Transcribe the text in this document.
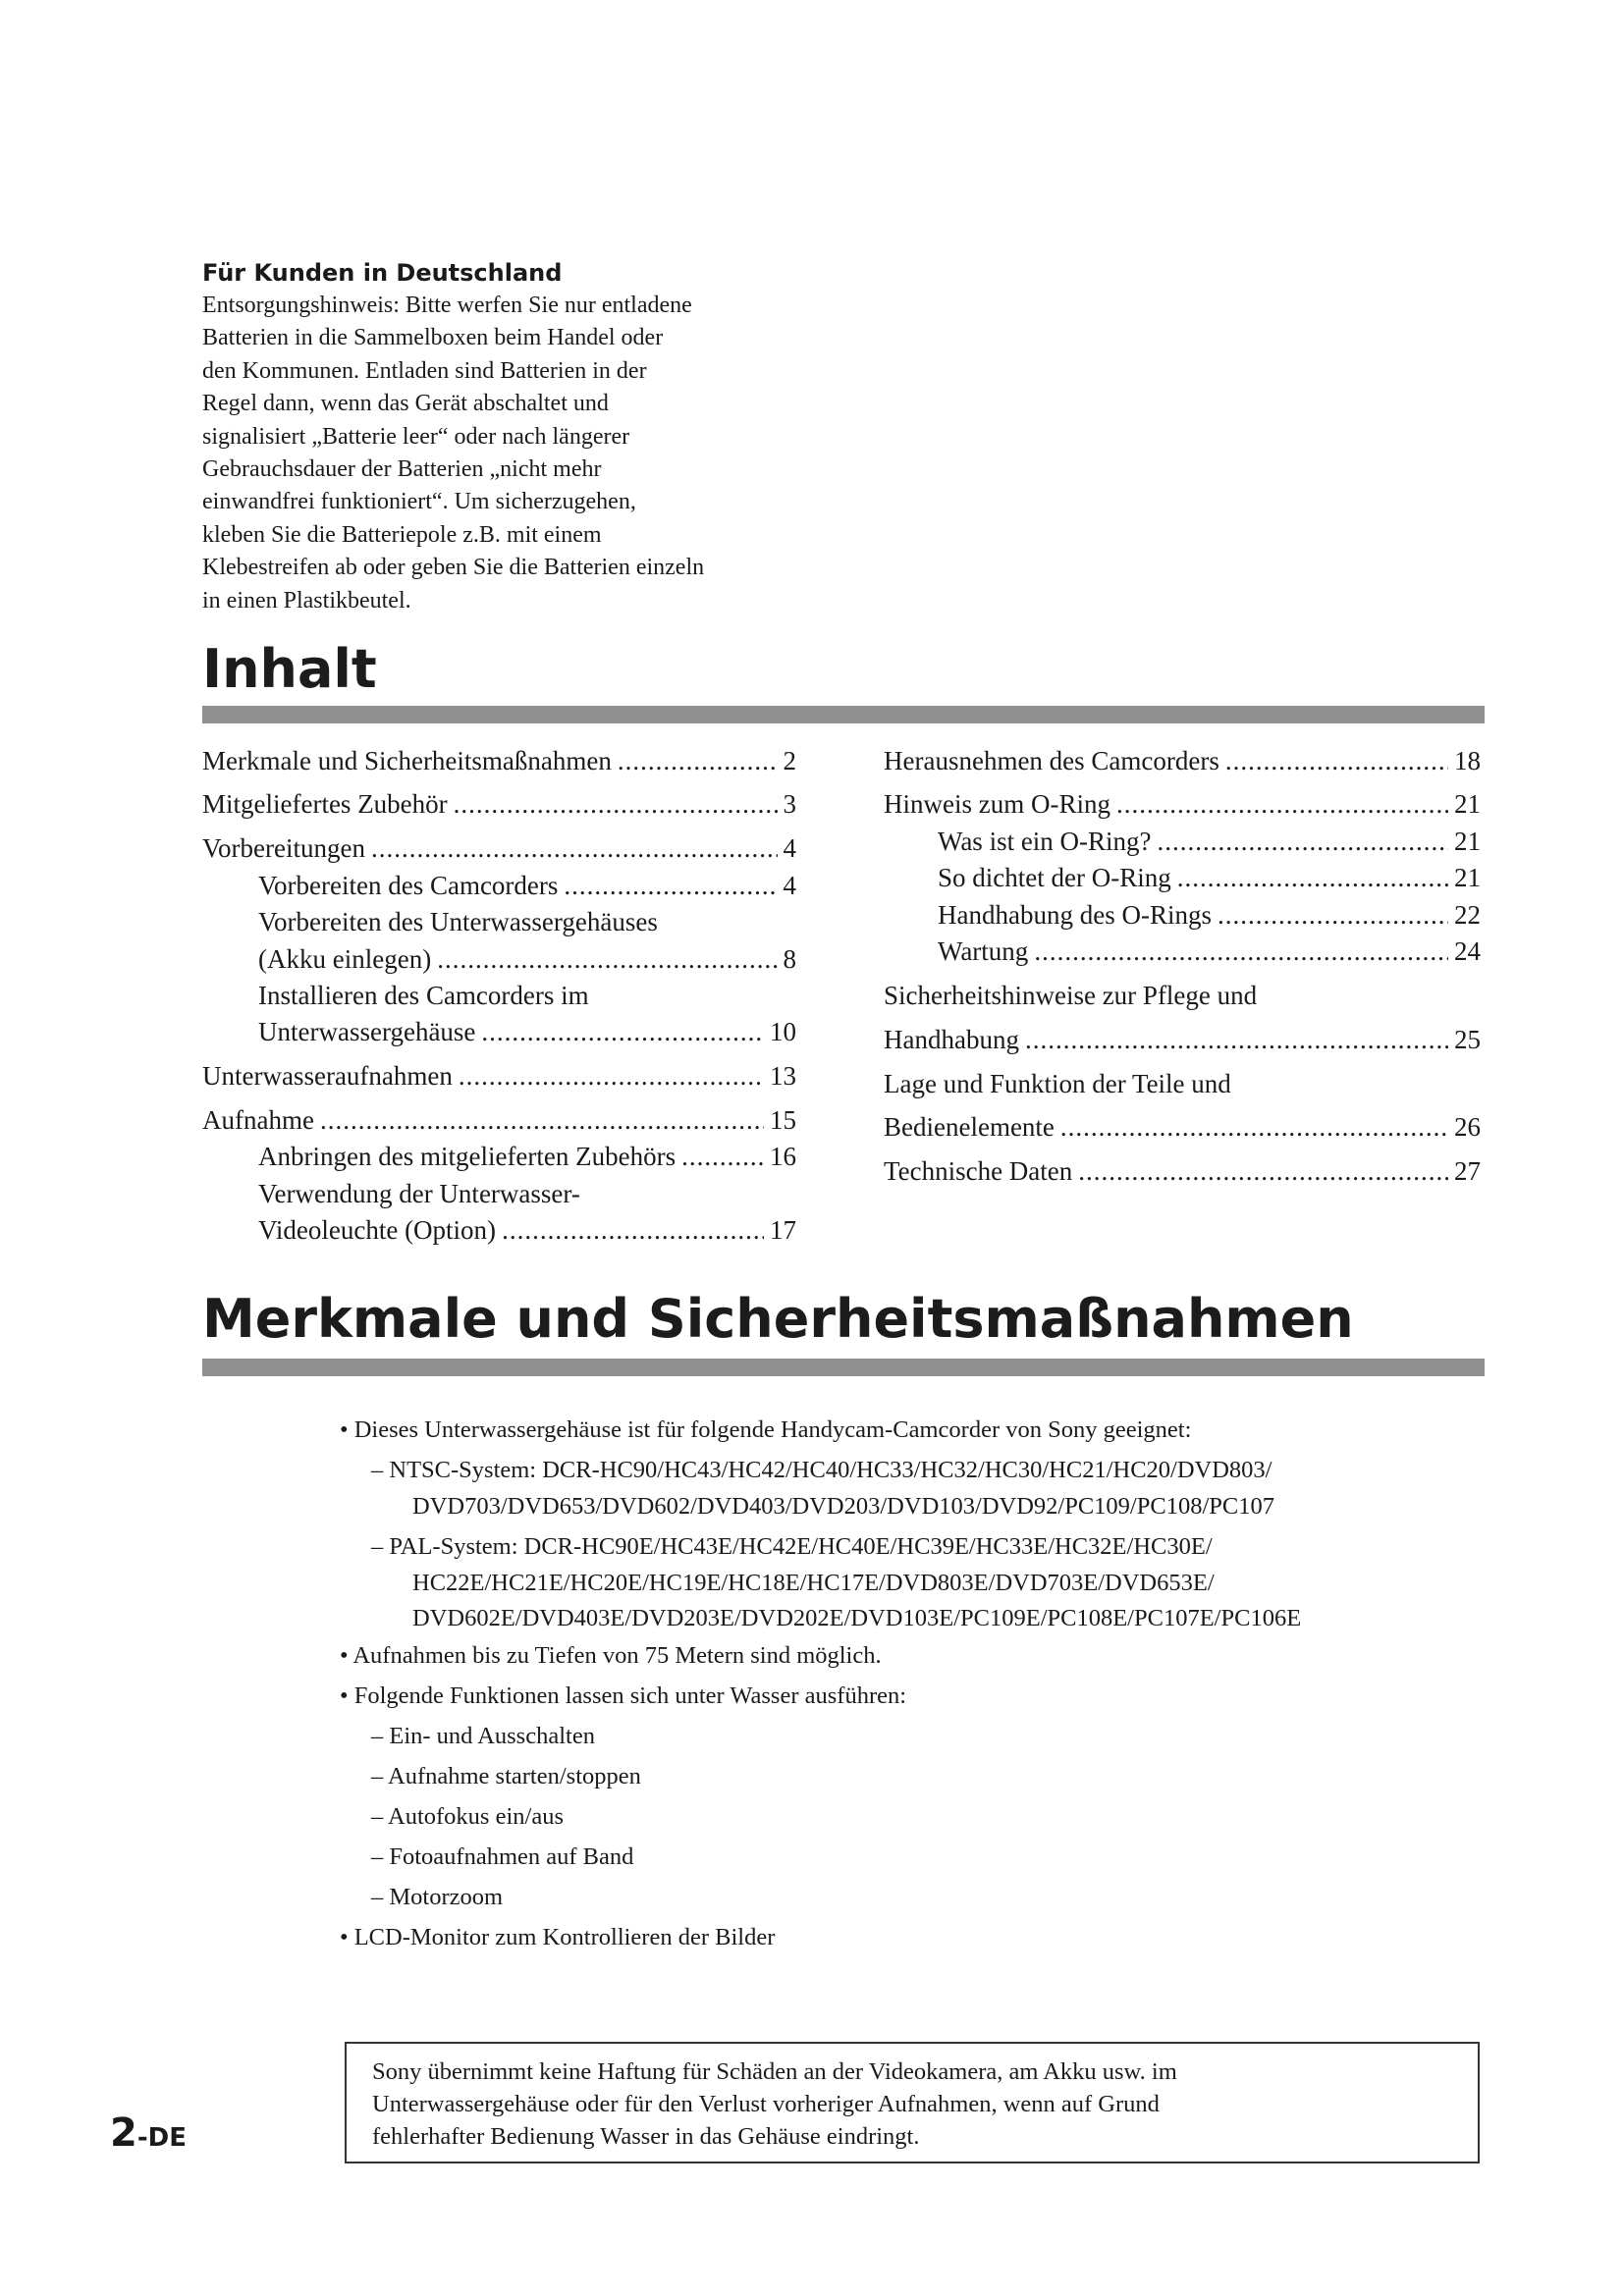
Für Kunden in Deutschland
Entsorgungshinweis: Bitte werfen Sie nur entladene
Batterien in die Sammelboxen beim Handel oder
den Kommunen. Entladen sind Batterien in der
Regel dann, wenn das Gerät abschaltet und
signalisiert „Batterie leer“ oder nach längerer
Gebrauchsdauer der Batterien „nicht mehr
einwandfrei funktioniert“. Um sicherzugehen,
kleben Sie die Batteriepole z.B. mit einem
Klebestreifen ab oder geben Sie die Batterien einzeln
in einen Plastikbeutel.
Inhalt
Merkmale und Sicherheitsmaßnahmen .....	2
Mitgeliefertes Zubehör .....	3
Vorbereitungen .....	4
Vorbereiten des Camcorders .....	4
Vorbereiten des Unterwassergehäuses
(Akku einlegen) .....	8
Installieren des Camcorders im
Unterwassergehäuse .....	10
Unterwasseraufnahmen .....	13
Aufnahme .....	15
Anbringen des mitgelieferten Zubehörs .....	16
Verwendung der Unterwasser-
Videoleuchte (Option) .....	17
Herausnehmen des Camcorders .....	18
Hinweis zum O-Ring .....	21
Was ist ein O-Ring? .....	21
So dichtet der O-Ring .....	21
Handhabung des O-Rings .....	22
Wartung .....	24
Sicherheitshinweise zur Pflege und
Handhabung .....	25
Lage und Funktion der Teile und
Bedienelemente .....	26
Technische Daten .....	27
Merkmale und Sicherheitsmaßnahmen
• Dieses Unterwassergehäuse ist für folgende Handycam-Camcorder von Sony geeignet:
– NTSC-System: DCR-HC90/HC43/HC42/HC40/HC33/HC32/HC30/HC21/HC20/DVD803/
DVD703/DVD653/DVD602/DVD403/DVD203/DVD103/DVD92/PC109/PC108/PC107
– PAL-System: DCR-HC90E/HC43E/HC42E/HC40E/HC39E/HC33E/HC32E/HC30E/
HC22E/HC21E/HC20E/HC19E/HC18E/HC17E/DVD803E/DVD703E/DVD653E/
DVD602E/DVD403E/DVD203E/DVD202E/DVD103E/PC109E/PC108E/PC107E/PC106E
• Aufnahmen bis zu Tiefen von 75 Metern sind möglich.
• Folgende Funktionen lassen sich unter Wasser ausführen:
– Ein- und Ausschalten
– Aufnahme starten/stoppen
– Autofokus ein/aus
– Fotoaufnahmen auf Band
– Motorzoom
• LCD-Monitor zum Kontrollieren der Bilder
Sony übernimmt keine Haftung für Schäden an der Videokamera, am Akku usw. im
Unterwassergehäuse oder für den Verlust vorheriger Aufnahmen, wenn auf Grund
fehlerhafter Bedienung Wasser in das Gehäuse eindringt.
2-DE
